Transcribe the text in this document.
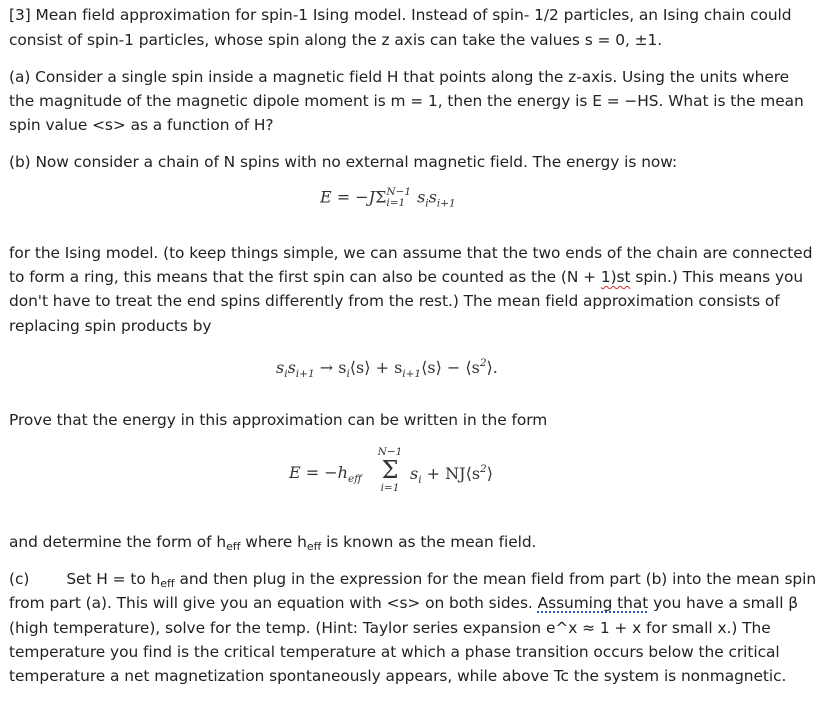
[3] Mean field approximation for spin-1 Ising model. Instead of spin- 1/2 particles, an Ising chain could
consist of spin-1 particles, whose spin along the z axis can take the values s = 0, ±1.
(a) Consider a single spin inside a magnetic field H that points along the z-axis. Using the units where
the magnitude of the magnetic dipole moment is m = 1, then the energy is E = −HS. What is the mean
spin value <s> as a function of H?
(b) Now consider a chain of N spins with no external magnetic field. The energy is now:
E = −JΣ N−1
i=1 $s_is_{i+1}$
for the Ising model. (to keep things simple, we can assume that the two ends of the chain are connected
to form a ring, this means that the first spin can also be counted as the (N + 1)st spin.) This means you
don't have to treat the end spins differently from the rest.) The mean field approximation consists of
replacing spin products by
$s_is_{i+1}$ → $s_i⟨s⟩$ + $s_{i+1}⟨s⟩$ − $⟨s^2⟩$.
Prove that the energy in this approximation can be written in the form
$E = -h_{eff}$
N−1
Σ
i=1
$s_i$ + $NJ⟨s^2⟩$
and determine the form of heff where heff is known as the mean field.
(c) Set H = to heff and then plug in the expression for the mean field from part (b) into the mean spin
from part (a). This will give you an equation with <s> on both sides. Assuming that you have a small β
(high temperature), solve for the temp. (Hint: Taylor series expansion e^x ≈ 1 + x for small x.) The
temperature you find is the critical temperature at which a phase transition occurs below the critical
temperature a net magnetization spontaneously appears, while above Tc the system is nonmagnetic.
